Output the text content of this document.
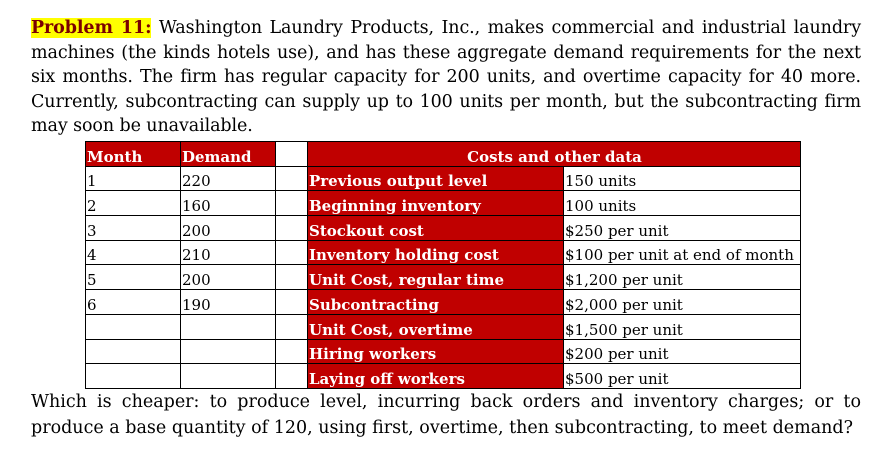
Problem 11: Washington Laundry Products, Inc., makes commercial and industrial laundry machines (the kinds hotels use), and has these aggregate demand requirements for the next six months. The firm has regular capacity for 200 units, and overtime capacity for 40 more. Currently, subcontracting can supply up to 100 units per month, but the subcontracting firm may soon be unavailable.
Month	Demand		Costs and other data	
1	220		Previous output level	150 units
2	160		Beginning inventory	100 units
3	200		Stockout cost	$250 per unit
4	210		Inventory holding cost	$100 per unit at end of month
5	200		Unit Cost, regular time	$1,200 per unit
6	190		Subcontracting	$2,000 per unit
			Unit Cost, overtime	$1,500 per unit
			Hiring workers	$200 per unit
			Laying off workers	$500 per unit
Which is cheaper: to produce level, incurring back orders and inventory charges; or to produce a base quantity of 120, using first, overtime, then subcontracting, to meet demand?
